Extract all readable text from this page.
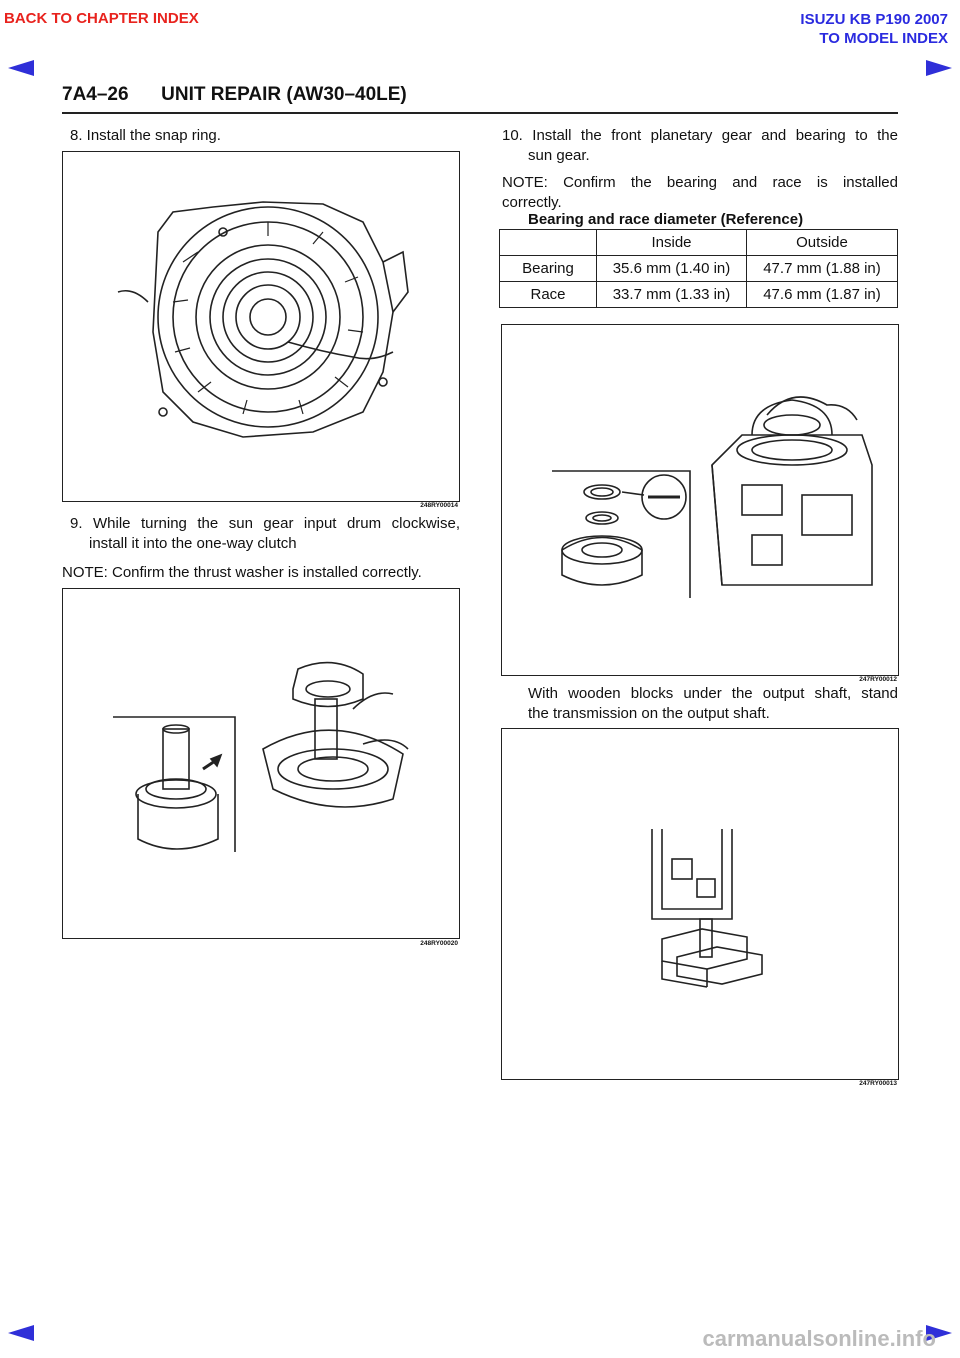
BACK TO CHAPTER INDEX	ISUZU KB P190 2007
TO MODEL INDEX
7A4–26 UNIT REPAIR (AW30–40LE)
8. Install the snap ring.
248RY00014
9. While turning the sun gear input drum clockwise,
install it into the one-way clutch
NOTE: Confirm the thrust washer is installed correctly.
248RY00020
10. Install the front planetary gear and bearing to the
sun gear.
NOTE: Confirm the bearing and race is installed
correctly.
Bearing and race diameter (Reference)
	Inside	Outside
Bearing	35.6 mm (1.40 in)	47.7 mm (1.88 in)
Race	33.7 mm (1.33 in)	47.6 mm (1.87 in)
247RY00012
With wooden blocks under the output shaft, stand
the transmission on the output shaft.
247RY00013
carmanualsonline.info
